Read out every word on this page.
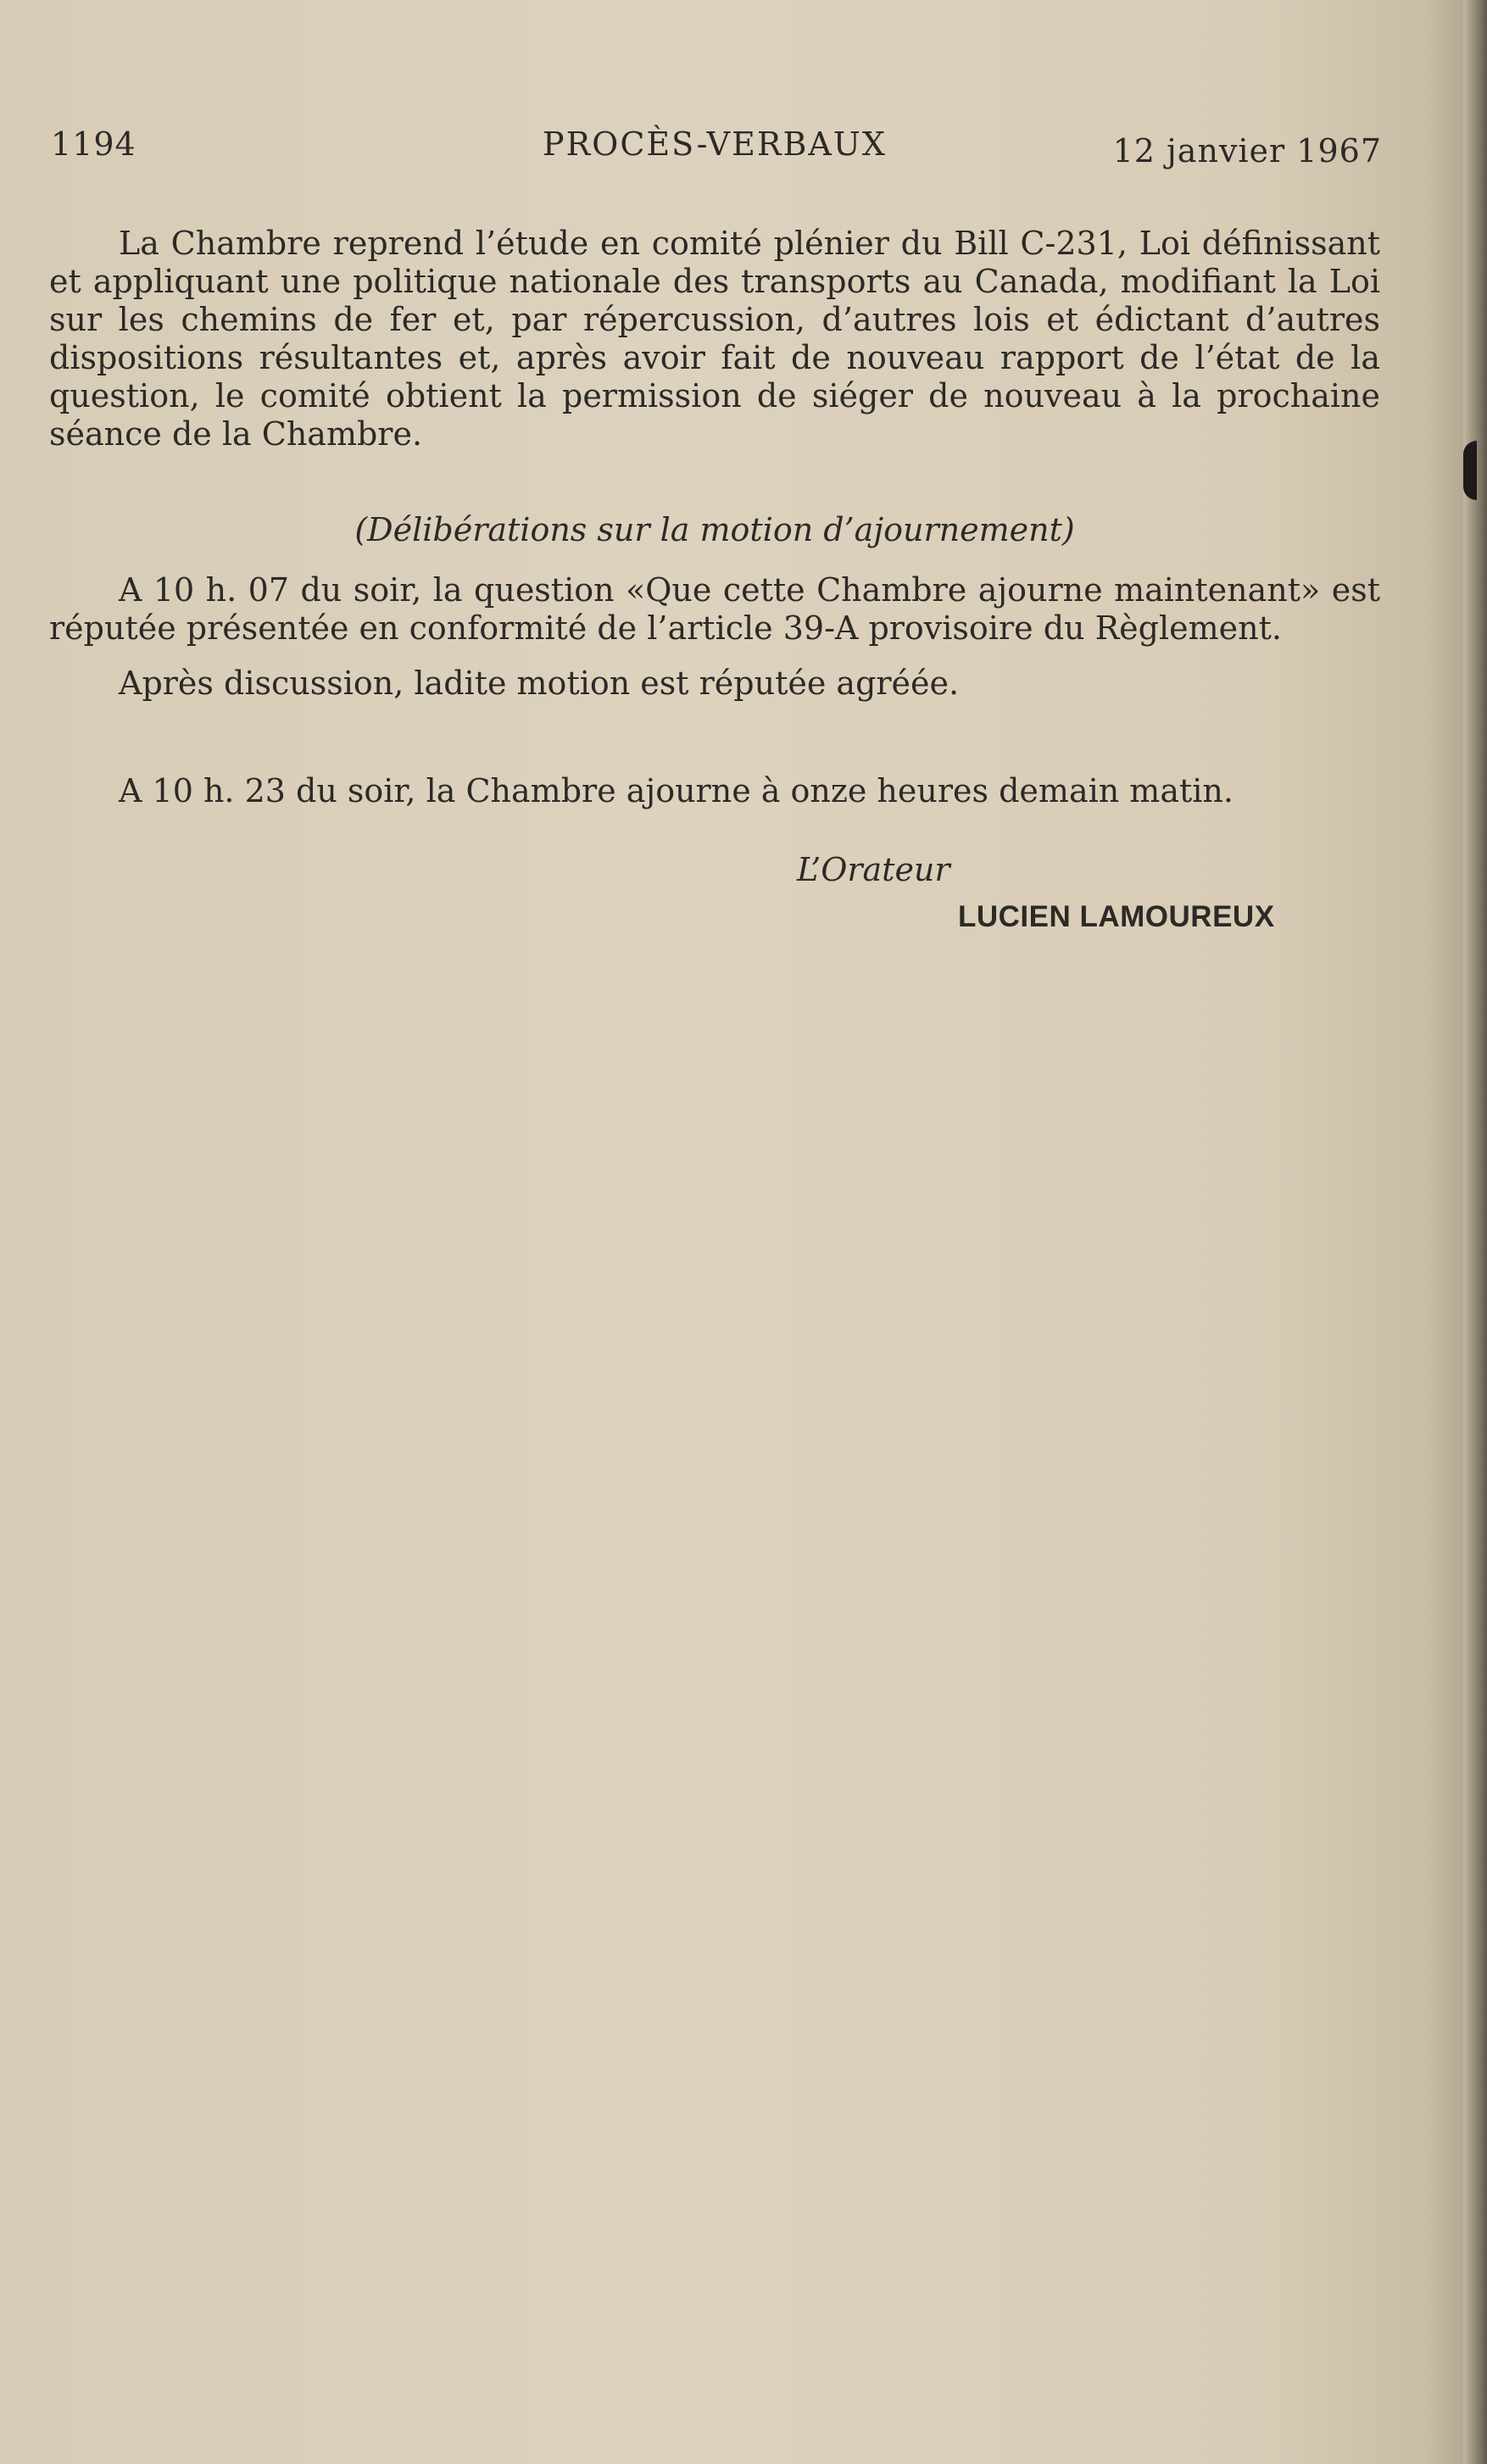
1194	PROCÈS-VERBAUX	12 janvier 1967

La Chambre reprend l’étude en comité plénier du Bill C-231, Loi définissant et appliquant une politique nationale des transports au Canada, modifiant la Loi sur les chemins de fer et, par répercussion, d’autres lois et édictant d’autres dispositions résultantes et, après avoir fait de nouveau rapport de l’état de la question, le comité obtient la permission de siéger de nouveau à la prochaine séance de la Chambre.

(Délibérations sur la motion d’ajournement)

A 10 h. 07 du soir, la question «Que cette Chambre ajourne maintenant» est réputée présentée en conformité de l’article 39-A provisoire du Règlement.

Après discussion, ladite motion est réputée agréée.

A 10 h. 23 du soir, la Chambre ajourne à onze heures demain matin.

L’Orateur
LUCIEN LAMOUREUX
